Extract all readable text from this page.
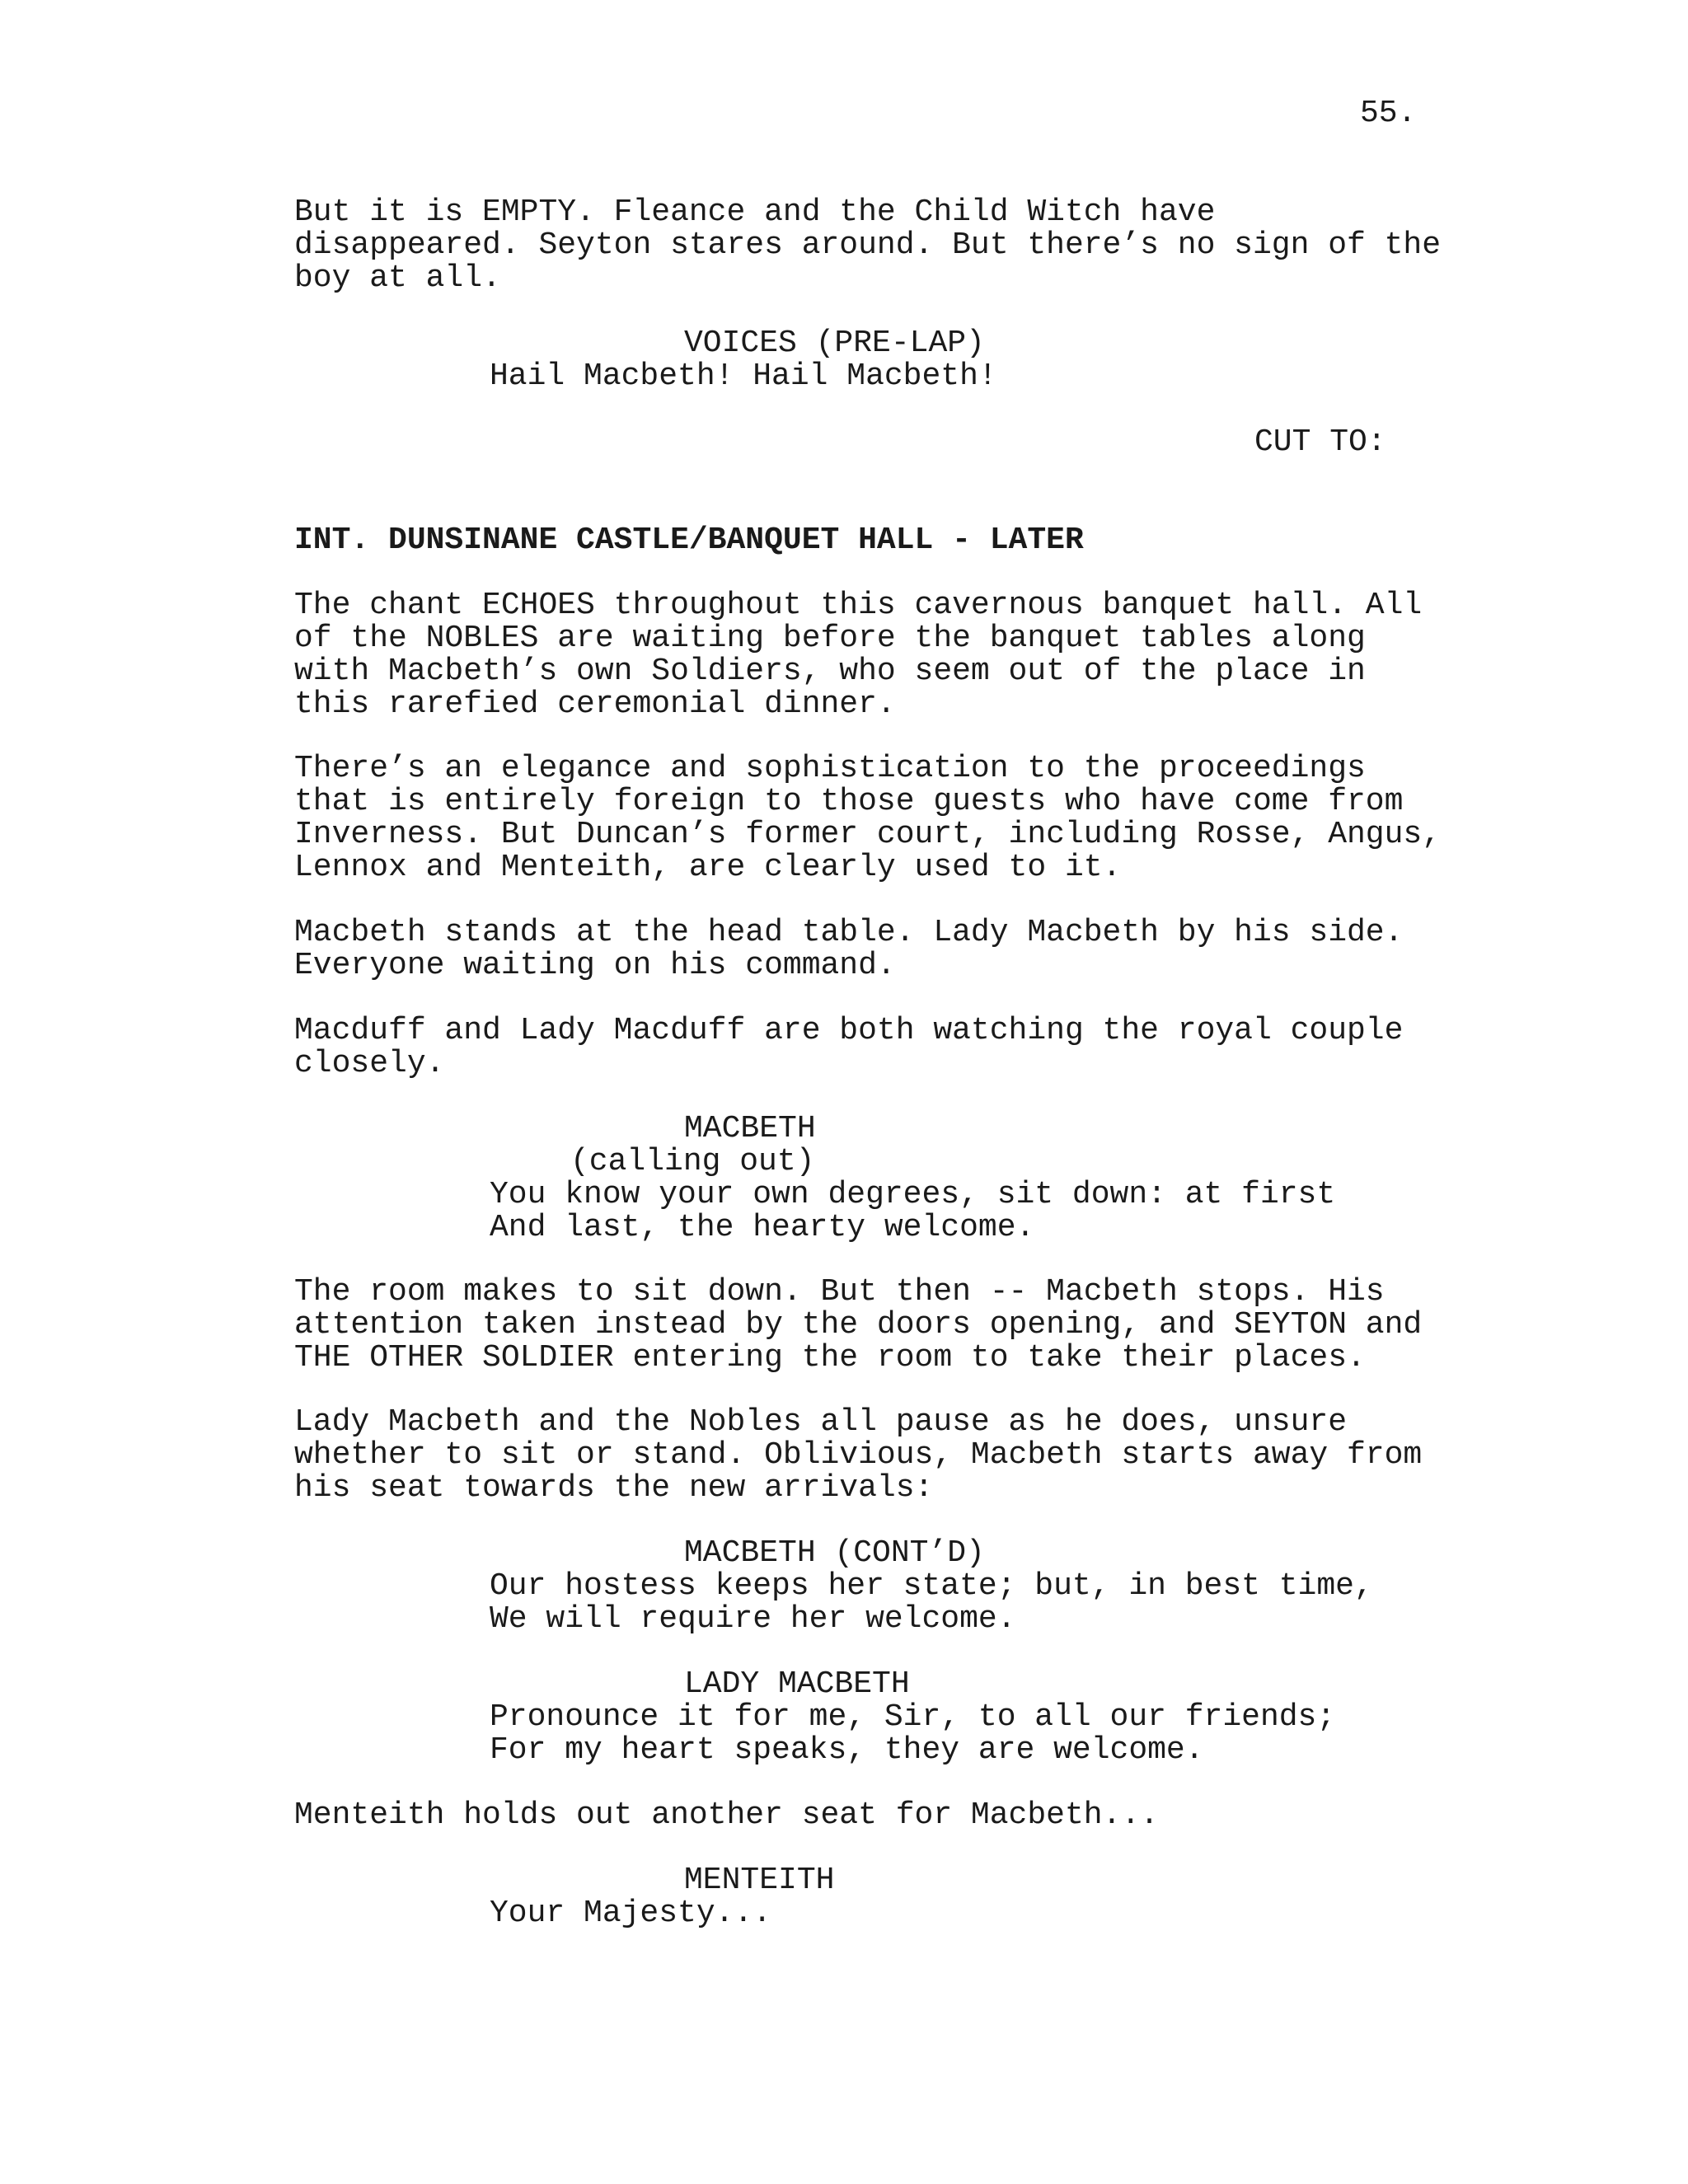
55.
But it is EMPTY. Fleance and the Child Witch have
disappeared. Seyton stares around. But there’s no sign of the
boy at all.
VOICES (PRE-LAP)
Hail Macbeth! Hail Macbeth!
CUT TO:
INT. DUNSINANE CASTLE/BANQUET HALL - LATER
The chant ECHOES throughout this cavernous banquet hall. All
of the NOBLES are waiting before the banquet tables along
with Macbeth’s own Soldiers, who seem out of the place in
this rarefied ceremonial dinner.
There’s an elegance and sophistication to the proceedings
that is entirely foreign to those guests who have come from
Inverness. But Duncan’s former court, including Rosse, Angus,
Lennox and Menteith, are clearly used to it.
Macbeth stands at the head table. Lady Macbeth by his side.
Everyone waiting on his command.
Macduff and Lady Macduff are both watching the royal couple
closely.
MACBETH
(calling out)
You know your own degrees, sit down: at first
And last, the hearty welcome.
The room makes to sit down. But then -- Macbeth stops. His
attention taken instead by the doors opening, and SEYTON and
THE OTHER SOLDIER entering the room to take their places.
Lady Macbeth and the Nobles all pause as he does, unsure
whether to sit or stand. Oblivious, Macbeth starts away from
his seat towards the new arrivals:
MACBETH (CONT’D)
Our hostess keeps her state; but, in best time,
We will require her welcome.
LADY MACBETH
Pronounce it for me, Sir, to all our friends;
For my heart speaks, they are welcome.
Menteith holds out another seat for Macbeth...
MENTEITH
Your Majesty...
